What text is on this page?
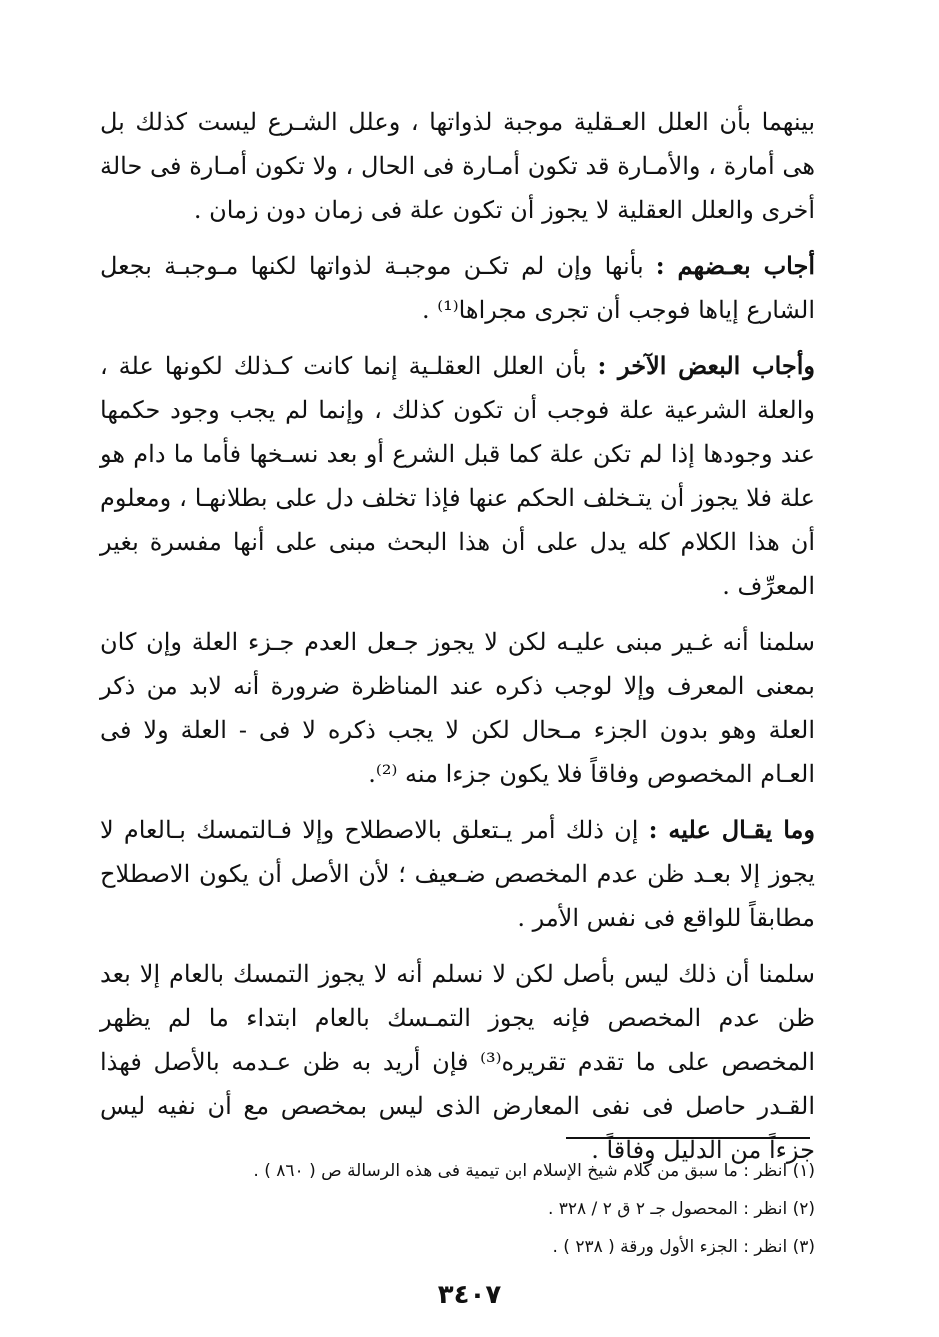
بينهما بأن العلل العـقلية موجبة لذواتها ، وعلل الشـرع ليست كذلك بل هى أمارة ، والأمـارة قد تكون أمـارة فى الحال ، ولا تكون أمـارة فى حالة أخرى والعلل العقلية لا يجوز أن تكون علة فى زمان دون زمان .

أجاب بعـضهم : بأنها وإن لم تكـن موجبـة لذواتها لكنها مـوجبـة بجعل الشارع إياها فوجب أن تجرى مجراها⁽¹⁾ .

وأجاب البعض الآخر : بأن العلل العقلـية إنما كانت كـذلك لكونها علة ، والعلة الشرعية علة فوجب أن تكون كذلك ، وإنما لم يجب وجود حكمها عند وجودها إذا لم تكن علة كما قبل الشرع أو بعد نسـخها فأما ما دام هو علة فلا يجوز أن يتـخلف الحكم عنها فإذا تخلف دل على بطلانهـا ، ومعلوم أن هذا الكلام كله يدل على أن هذا البحث مبنى على أنها مفسرة بغير المعرِّف .

سلمنا أنه غـير مبنى عليـه لكن لا يجوز جـعل العدم جـزء العلة وإن كان بمعنى المعرف وإلا لوجب ذكره عند المناظرة ضرورة أنه لابد من ذكر العلة وهو بدون الجزء مـحال لكن لا يجب ذكره لا فى - العلة ولا فى العـام المخصوص وفاقاً فلا يكون جزءا منه ⁽²⁾.

وما يقـال عليه : إن ذلك أمر يـتعلق بالاصطلاح وإلا فـالتمسك بـالعام لا يجوز إلا بعـد ظن عدم المخصص ضـعيف ؛ لأن الأصل أن يكون الاصطلاح مطابقاً للواقع فى نفس الأمر .

سلمنا أن ذلك ليس بأصل لكن لا نسلم أنه لا يجوز التمسك بالعام إلا بعد ظن عدم المخصص فإنه يجوز التمـسك بالعام ابتداء ما لم يظهر المخصص على ما تقدم تقريره⁽³⁾ فإن أريد به ظن عـدمه بالأصل فهذا القـدر حاصل فى نفى المعارض الذى ليس بمخصص مع أن نفيه ليس جزءاً من الدليل وفاقاً .

(١) انظر : ما سبق من كلام شيخ الإسلام ابن تيمية فى هذه الرسالة ص ( ٨٦٠ ) .

(٢) انظر : المحصول جـ ٢ ق ٢ / ٣٢٨ .

(٣) انظر : الجزء الأول ورقة ( ٢٣٨ ) .

٣٤٠٧
